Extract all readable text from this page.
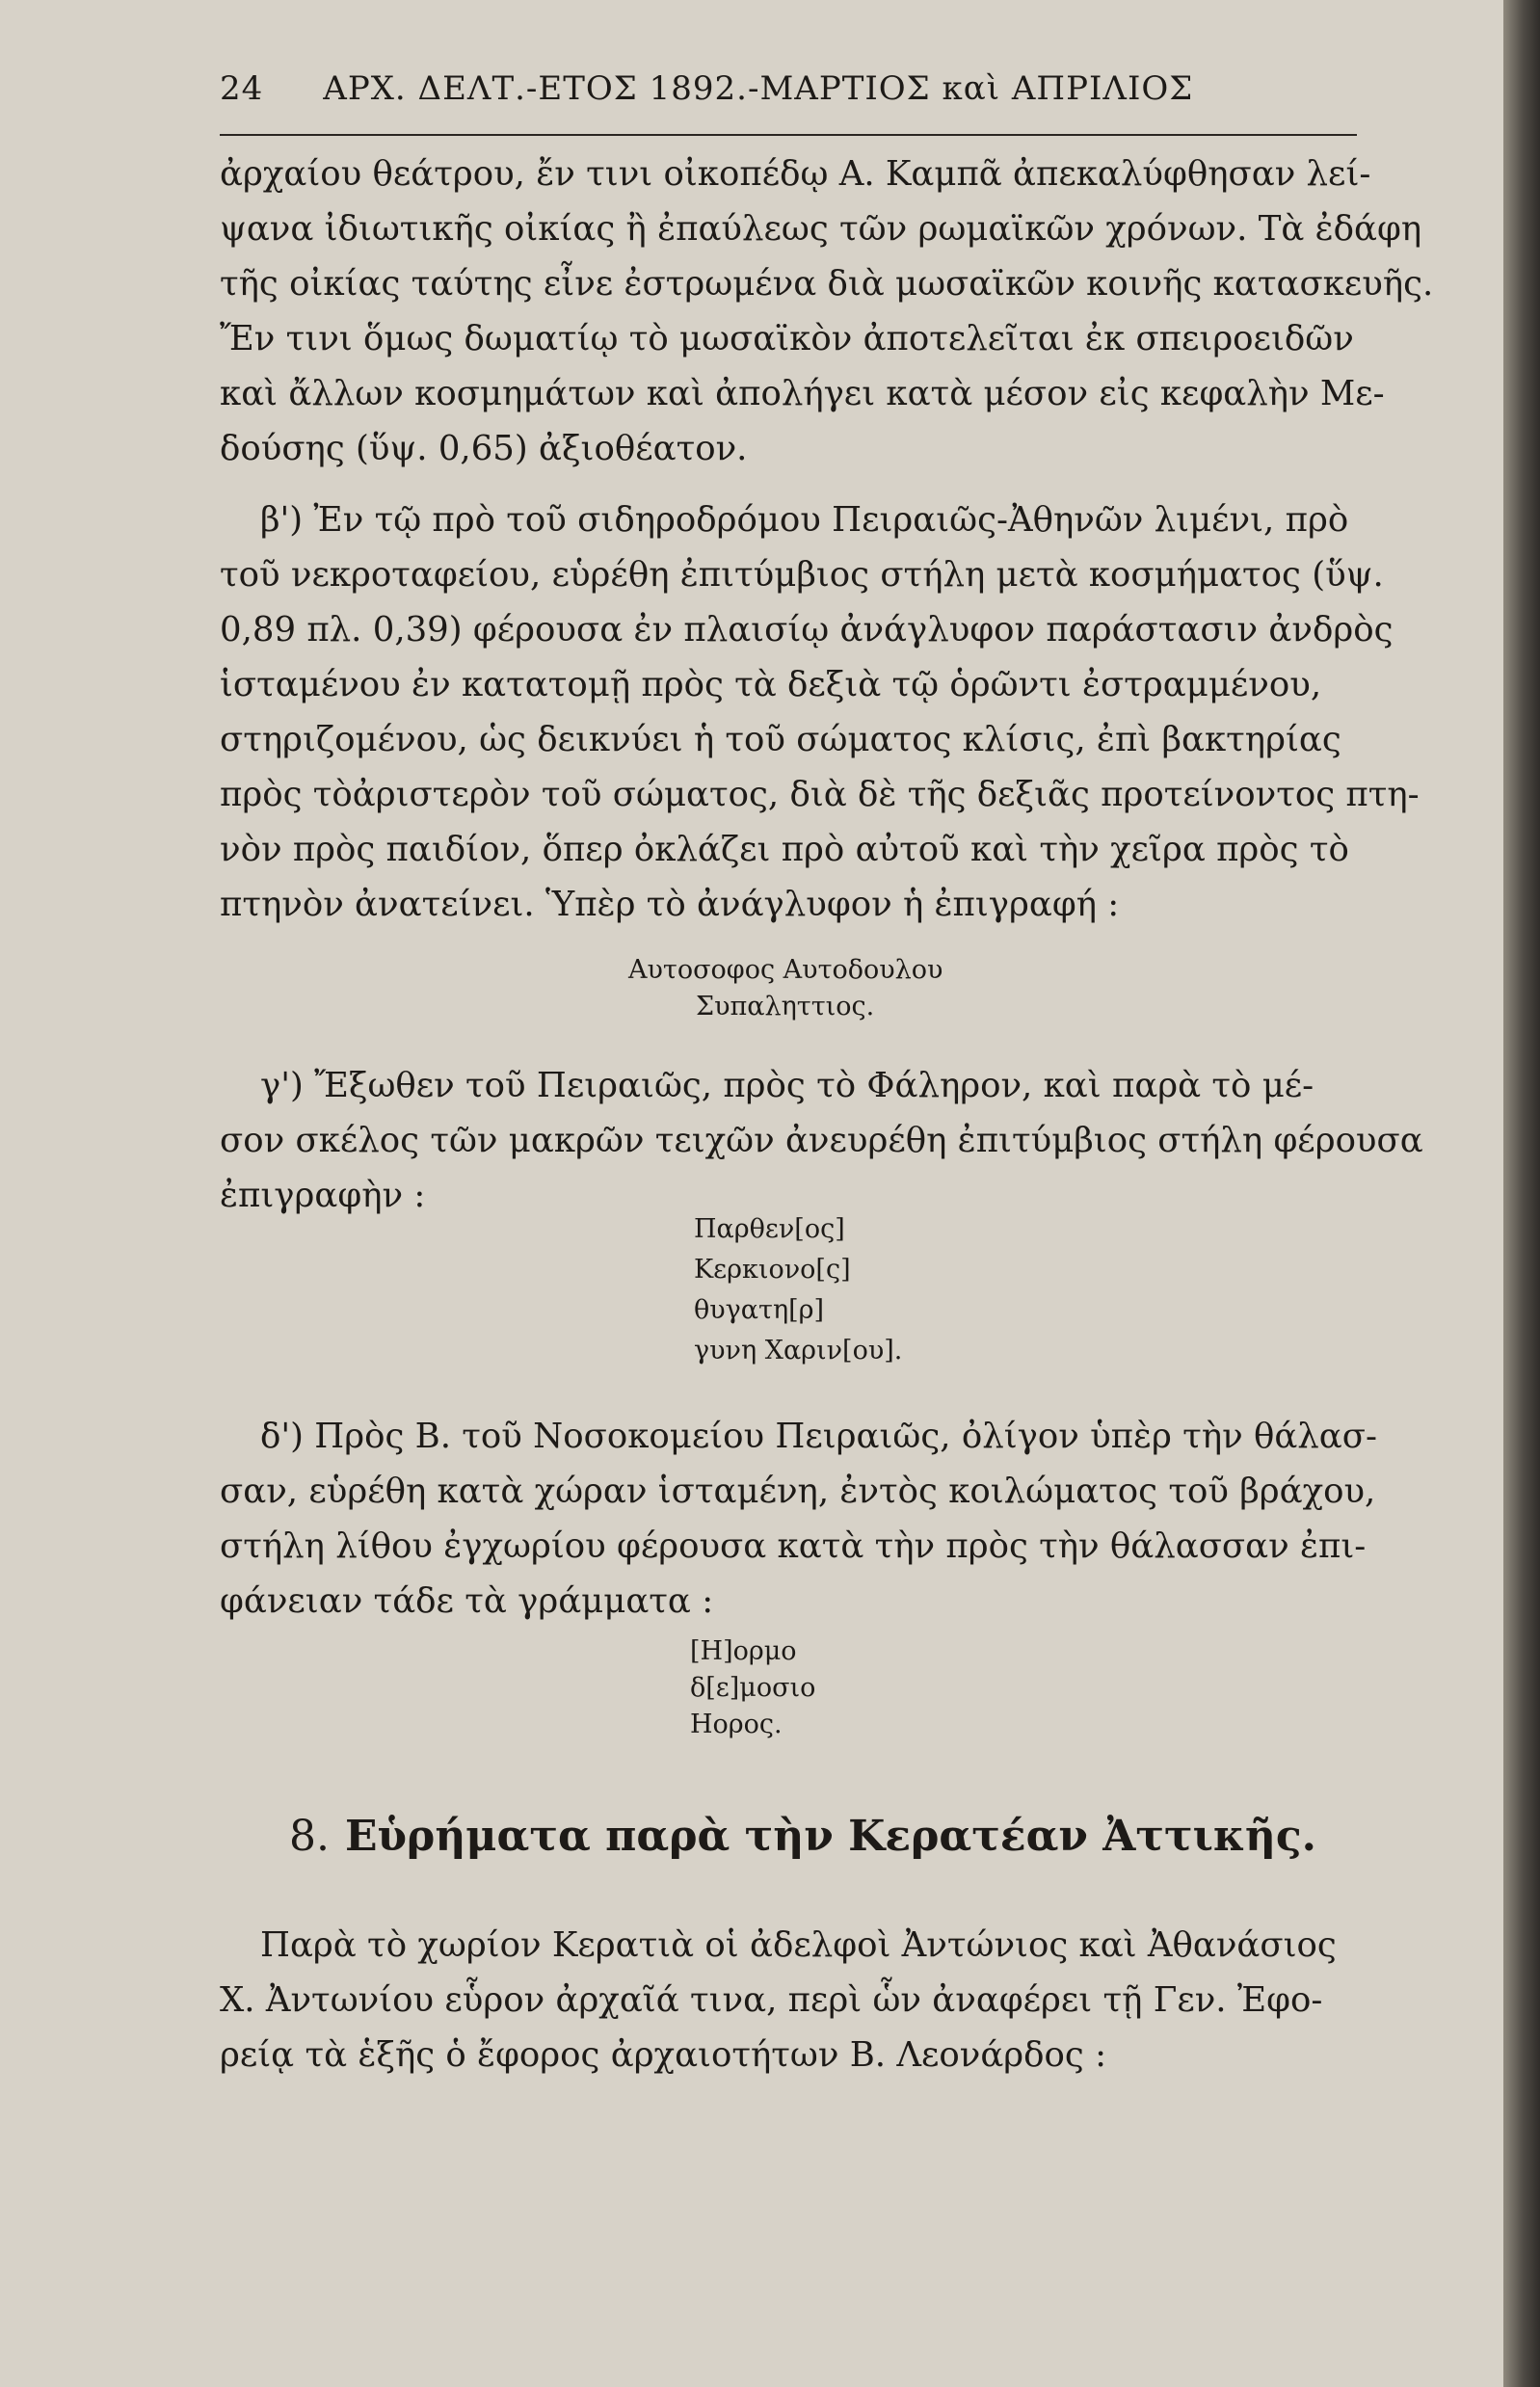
24 ΑΡΧ. ΔΕΛΤ.-ΕΤΟΣ 1892.-ΜΑΡΤΙΟΣ καὶ ΑΠΡΙΛΙΟΣ
ἀρχαίου θεάτρου, ἔν τινι οἰκοπέδῳ Α. Καμπᾶ ἀπεκαλύφθησαν λεί-
ψανα ἰδιωτικῆς οἰκίας ἢ ἐπαύλεως τῶν ρωμαϊκῶν χρόνων. Τὰ ἐδάφη
τῆς οἰκίας ταύτης εἶνε ἐστρωμένα διὰ μωσαϊκῶν κοινῆς κατασκευῆς.
Ἔν τινι ὅμως δωματίῳ τὸ μωσαϊκὸν ἀποτελεῖται ἐκ σπειροειδῶν
καὶ ἄλλων κοσμημάτων καὶ ἀπολήγει κατὰ μέσον εἰς κεφαλὴν Με-
δούσης (ὕψ. 0,65) ἀξιοθέατον.
β') Ἐν τῷ πρὸ τοῦ σιδηροδρόμου Πειραιῶς-Ἀθηνῶν λιμένι, πρὸ
τοῦ νεκροταφείου, εὑρέθη ἐπιτύμβιος στήλη μετὰ κοσμήματος (ὕψ.
0,89 πλ. 0,39) φέρουσα ἐν πλαισίῳ ἀνάγλυφον παράστασιν ἀνδρὸς
ἱσταμένου ἐν κατατομῇ πρὸς τὰ δεξιὰ τῷ ὁρῶντι ἐστραμμένου,
στηριζομένου, ὡς δεικνύει ἡ τοῦ σώματος κλίσις, ἐπὶ βακτηρίας
πρὸς τὸἀριστερὸν τοῦ σώματος, διὰ δὲ τῆς δεξιᾶς προτείνοντος πτη-
νὸν πρὸς παιδίον, ὅπερ ὀκλάζει πρὸ αὐτοῦ καὶ τὴν χεῖρα πρὸς τὸ
πτηνὸν ἀνατείνει. Ὑπὲρ τὸ ἀνάγλυφον ἡ ἐπιγραφή :
Αυτοσοφος Αυτοδουλου
Συπαληττιος.
γ') Ἔξωθεν τοῦ Πειραιῶς, πρὸς τὸ Φάληρον, καὶ παρὰ τὸ μέ-
σον σκέλος τῶν μακρῶν τειχῶν ἀνευρέθη ἐπιτύμβιος στήλη φέρουσα
ἐπιγραφὴν :
Παρθεν[ος]
Κερκιονο[ς]
θυγατη[ρ]
γυνη Χαριν[ου].
δ') Πρὸς Β. τοῦ Νοσοκομείου Πειραιῶς, ὀλίγον ὑπὲρ τὴν θάλασ-
σαν, εὑρέθη κατὰ χώραν ἱσταμένη, ἐντὸς κοιλώματος τοῦ βράχου,
στήλη λίθου ἐγχωρίου φέρουσα κατὰ τὴν πρὸς τὴν θάλασσαν ἐπι-
φάνειαν τάδε τὰ γράμματα :
[Η]ορμο
δ[ε]μοσιο
Ηορος.
8. Εὑρήματα παρὰ τὴν Κερατέαν Ἀττικῆς.
Παρὰ τὸ χωρίον Κερατιὰ οἱ ἀδελφοὶ Ἀντώνιος καὶ Ἀθανάσιος
Χ. Ἀντωνίου εὗρον ἀρχαῖά τινα, περὶ ὧν ἀναφέρει τῇ Γεν. Ἐφο-
ρείᾳ τὰ ἑξῆς ὁ ἔφορος ἀρχαιοτήτων Β. Λεονάρδος :
